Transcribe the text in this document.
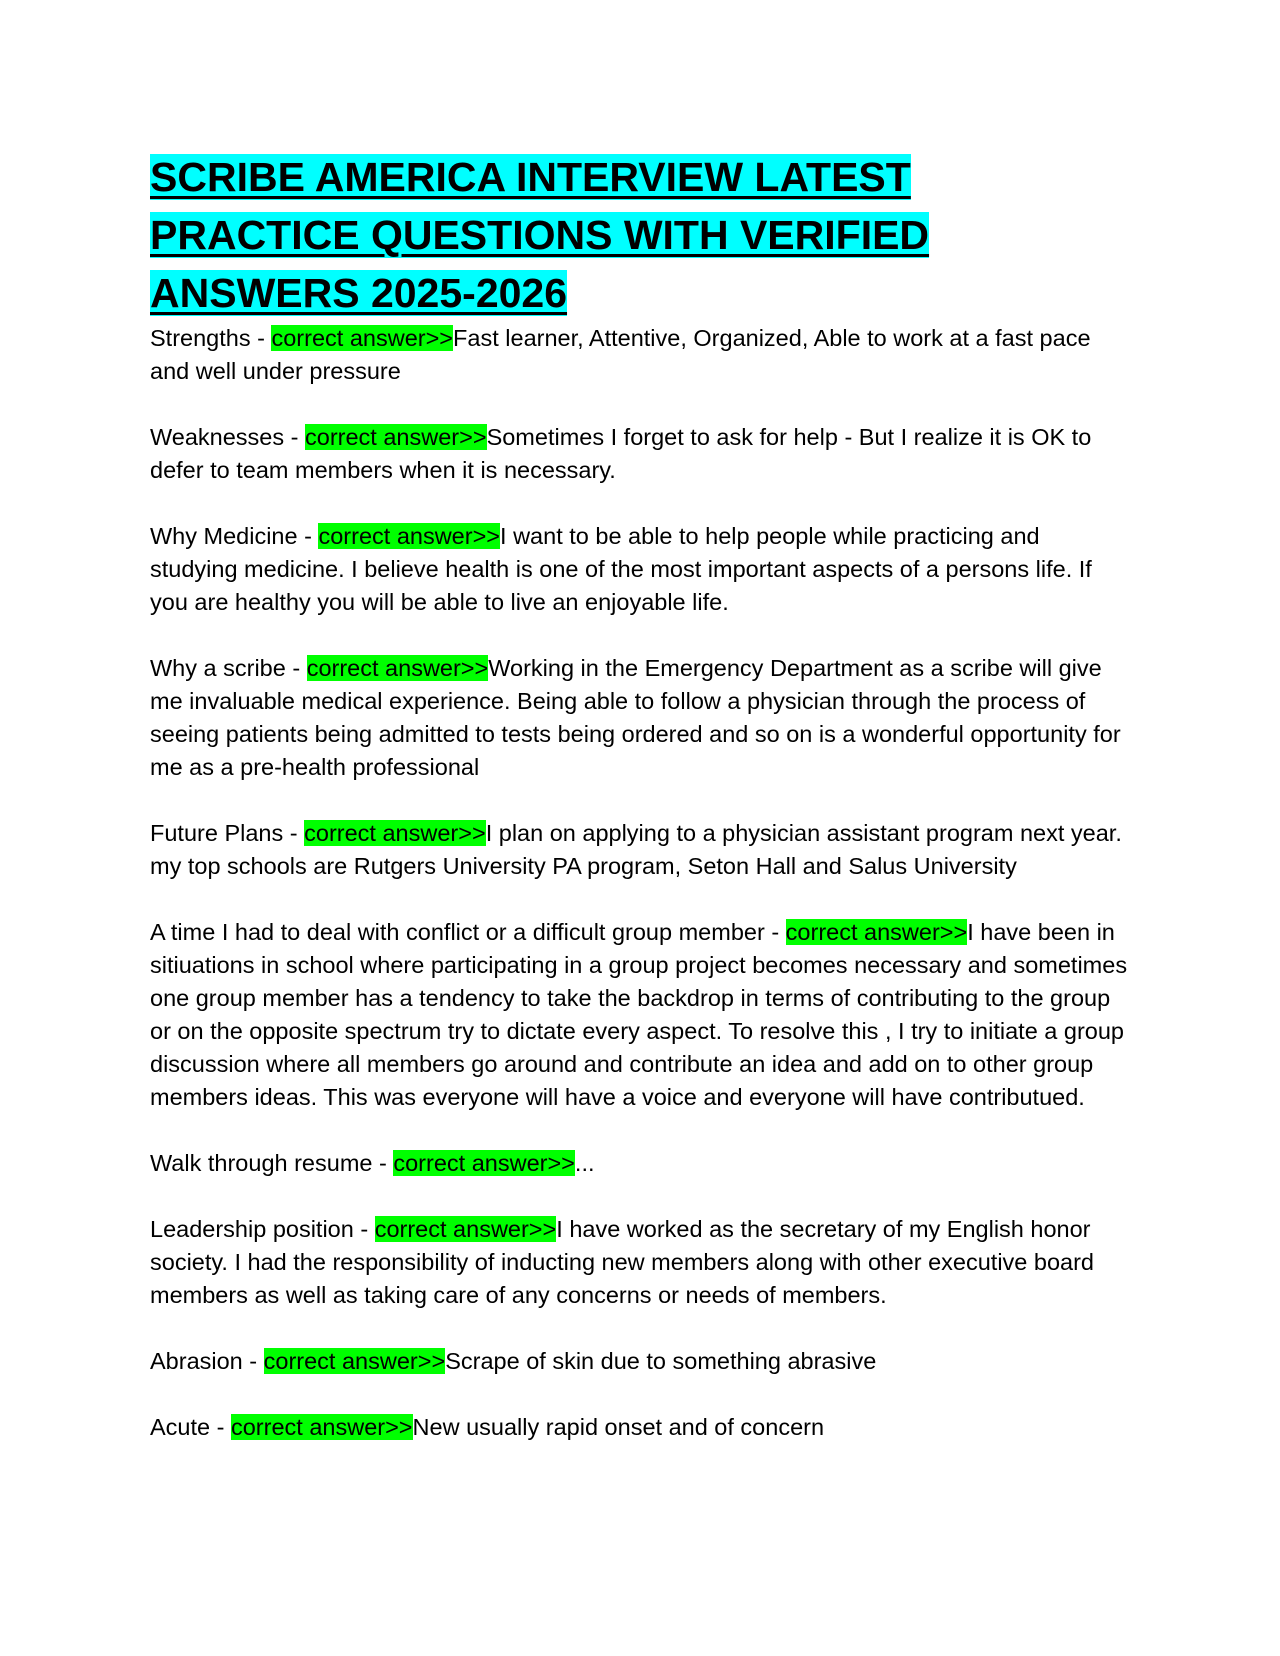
SCRIBE AMERICA INTERVIEW LATEST PRACTICE QUESTIONS WITH VERIFIED ANSWERS 2025-2026

Strengths - correct answer>>Fast learner, Attentive, Organized, Able to work at a fast pace and well under pressure

Weaknesses - correct answer>>Sometimes I forget to ask for help - But I realize it is OK to defer to team members when it is necessary.

Why Medicine - correct answer>>I want to be able to help people while practicing and studying medicine. I believe health is one of the most important aspects of a persons life. If you are healthy you will be able to live an enjoyable life.

Why a scribe - correct answer>>Working in the Emergency Department as a scribe will give me invaluable medical experience. Being able to follow a physician through the process of seeing patients being admitted to tests being ordered and so on is a wonderful opportunity for me as a pre-health professional

Future Plans - correct answer>>I plan on applying to a physician assistant program next year. my top schools are Rutgers University PA program, Seton Hall and Salus University

A time I had to deal with conflict or a difficult group member - correct answer>>I have been in sitiuations in school where participating in a group project becomes necessary and sometimes one group member has a tendency to take the backdrop in terms of contributing to the group or on the opposite spectrum try to dictate every aspect. To resolve this , I try to initiate a group discussion where all members go around and contribute an idea and add on to other group members ideas. This was everyone will have a voice and everyone will have contributued.

Walk through resume - correct answer>>...

Leadership position - correct answer>>I have worked as the secretary of my English honor society. I had the responsibility of inducting new members along with other executive board members as well as taking care of any concerns or needs of members.

Abrasion - correct answer>>Scrape of skin due to something abrasive

Acute - correct answer>>New usually rapid onset and of concern
